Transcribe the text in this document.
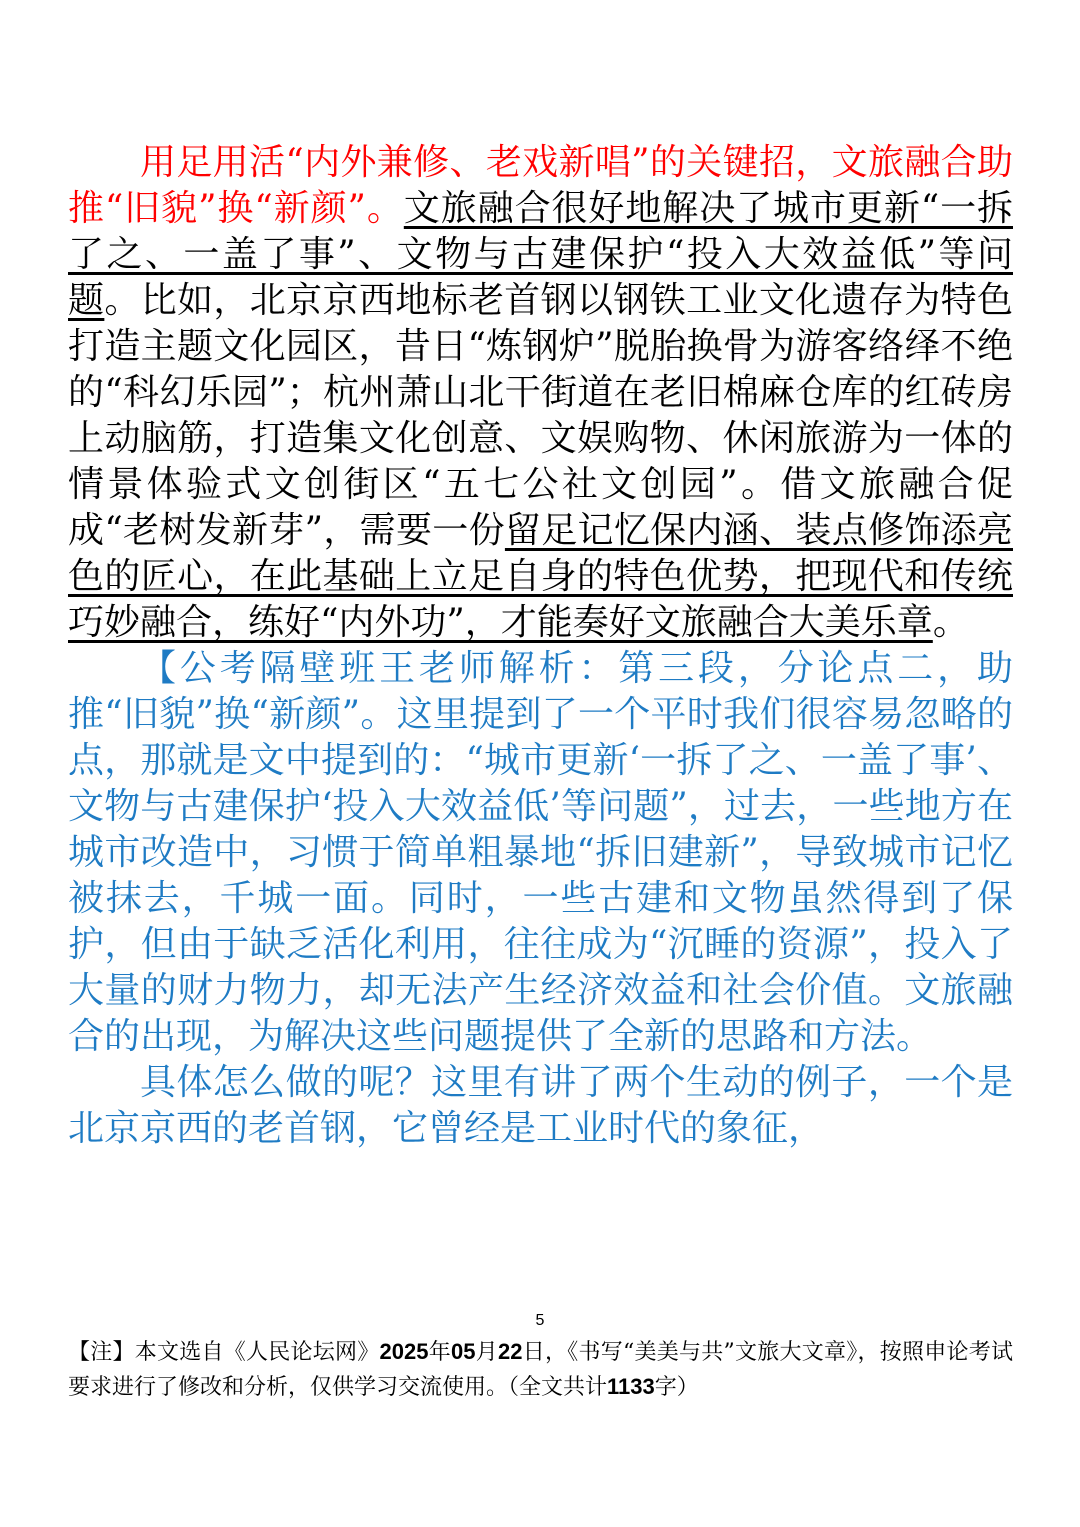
用足用活“内外兼修、老戏新唱”的关键招，文旅融合助推“旧貌”换“新颜”。文旅融合很好地解决了城市更新“一拆了之、一盖了事”、文物与古建保护“投入大效益低”等问题。比如，北京京西地标老首钢以钢铁工业文化遗存为特色打造主题文化园区，昔日“炼钢炉”脱胎换骨为游客络绎不绝的“科幻乐园”；杭州萧山北干街道在老旧棉麻仓库的红砖房上动脑筋，打造集文化创意、文娱购物、休闲旅游为一体的情景体验式文创街区“五七公社文创园”。借文旅融合促成“老树发新芽”，需要一份留足记忆保内涵、装点修饰添亮色的匠心，在此基础上立足自身的特色优势，把现代和传统巧妙融合，练好“内外功”，才能奏好文旅融合大美乐章。

【公考隔壁班王老师解析：第三段，分论点二，助推“旧貌”换“新颜”。这里提到了一个平时我们很容易忽略的点，那就是文中提到的：“城市更新‘一拆了之、一盖了事’、文物与古建保护‘投入大效益低’等问题”，过去，一些地方在城市改造中，习惯于简单粗暴地“拆旧建新”，导致城市记忆被抹去，千城一面。同时，一些古建和文物虽然得到了保护，但由于缺乏活化利用，往往成为“沉睡的资源”，投入了大量的财力物力，却无法产生经济效益和社会价值。文旅融合的出现，为解决这些问题提供了全新的思路和方法。

具体怎么做的呢？这里有讲了两个生动的例子，一个是北京京西的老首钢，它曾经是工业时代的象征，

5

【注】本文选自《人民论坛网》2025年05月22日，《书写“美美与共”文旅大文章》，按照申论考试要求进行了修改和分析，仅供学习交流使用。（全文共计1133字）
